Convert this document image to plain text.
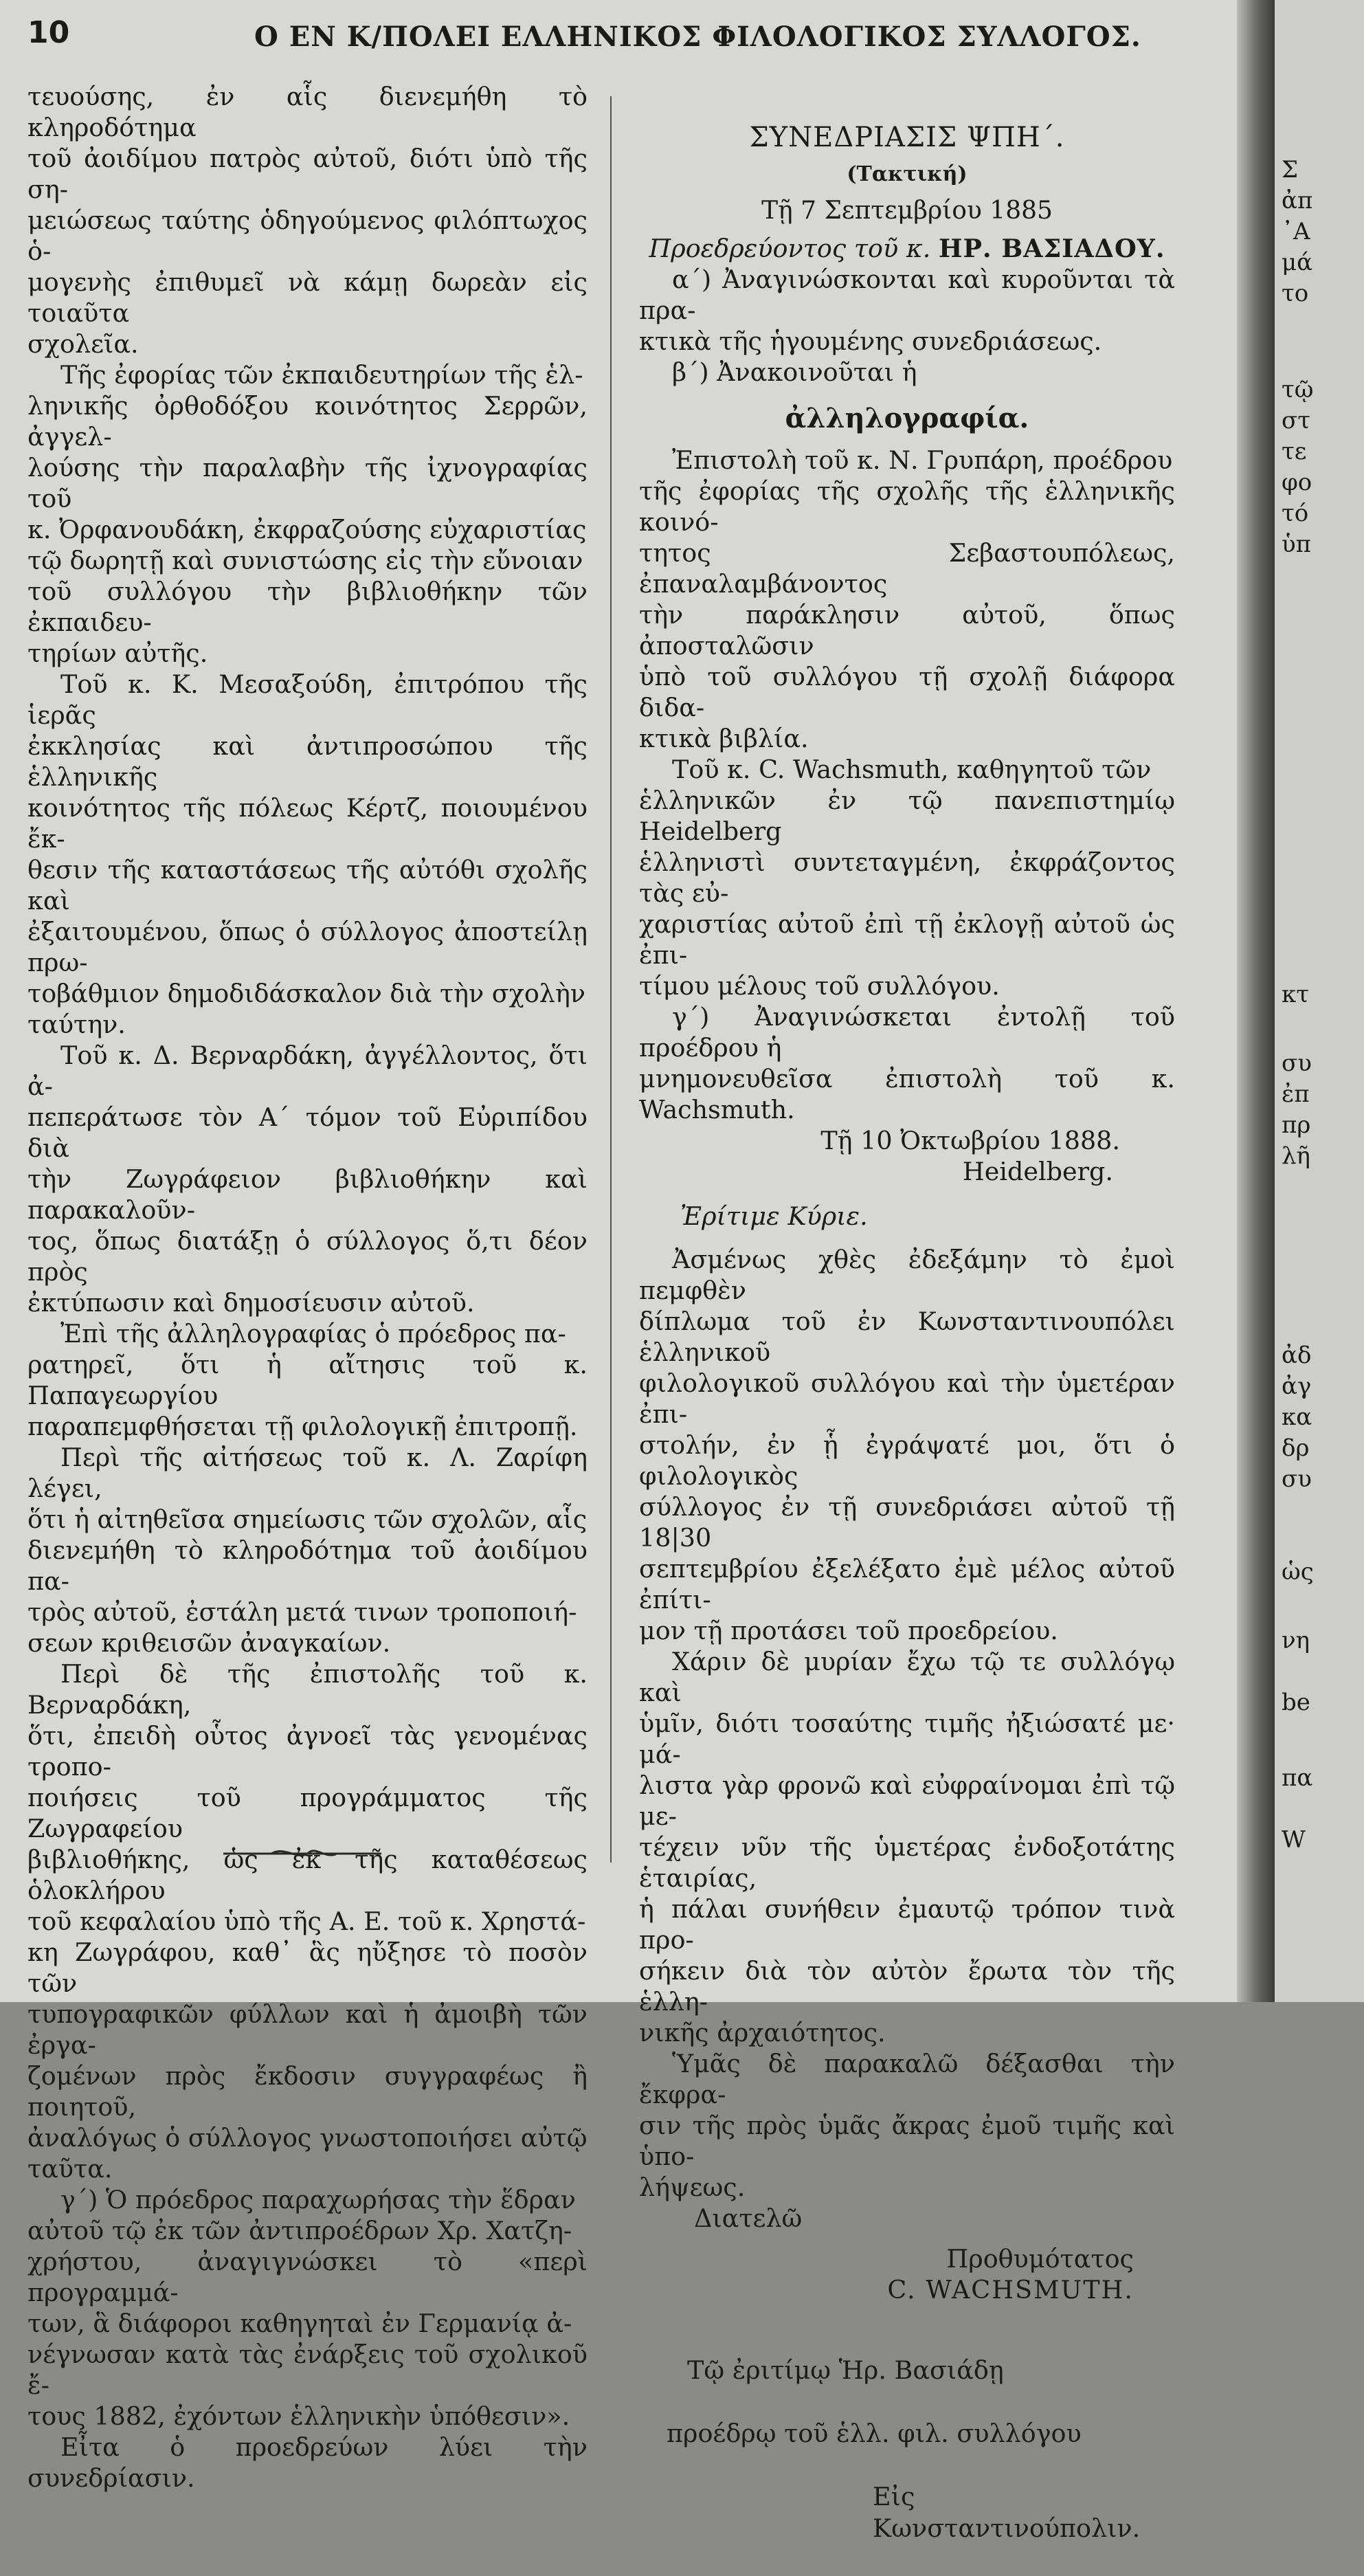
10	Ο ΕΝ Κ/ΠΟΛΕΙ ΕΛΛΗΝΙΚΟΣ ΦΙΛΟΛΟΓΙΚΟΣ ΣΥΛΛΟΓΟΣ.

τευούσης, ἐν αἷς διενεμήθη τὸ κληροδότημα
τοῦ ἀοιδίμου πατρὸς αὐτοῦ, διότι ὑπὸ τῆς ση-
μειώσεως ταύτης ὁδηγούμενος φιλόπτωχος ὁ-
μογενὴς ἐπιθυμεῖ νὰ κάμῃ δωρεὰν εἰς τοιαῦτα
σχολεῖα.

Τῆς ἐφορίας τῶν ἐκπαιδευτηρίων τῆς ἑλ-
ληνικῆς ὀρθοδόξου κοινότητος Σερρῶν, ἀγγελ-
λούσης τὴν παραλαβὴν τῆς ἰχνογραφίας τοῦ
κ. Ὀρφανουδάκη, ἐκφραζούσης εὐχαριστίας
τῷ δωρητῇ καὶ συνιστώσης εἰς τὴν εὔνοιαν
τοῦ συλλόγου τὴν βιβλιοθήκην τῶν ἐκπαιδευ-
τηρίων αὐτῆς.

Τοῦ κ. Κ. Μεσαξούδη, ἐπιτρόπου τῆς ἱερᾶς
ἐκκλησίας καὶ ἀντιπροσώπου τῆς ἑλληνικῆς
κοινότητος τῆς πόλεως Κέρτζ, ποιουμένου ἔκ-
θεσιν τῆς καταστάσεως τῆς αὐτόθι σχολῆς καὶ
ἐξαιτουμένου, ὅπως ὁ σύλλογος ἀποστείλῃ πρω-
τοβάθμιον δημοδιδάσκαλον διὰ τὴν σχολὴν
ταύτην.

Τοῦ κ. Δ. Βερναρδάκη, ἀγγέλλοντος, ὅτι ἀ-
πεπεράτωσε τὸν Α΄ τόμον τοῦ Εὐριπίδου διὰ
τὴν Ζωγράφειον βιβλιοθήκην καὶ παρακαλοῦν-
τος, ὅπως διατάξῃ ὁ σύλλογος ὅ,τι δέον πρὸς
ἐκτύπωσιν καὶ δημοσίευσιν αὐτοῦ.

Ἐπὶ τῆς ἀλληλογραφίας ὁ πρόεδρος πα-
ρατηρεῖ, ὅτι ἡ αἴτησις τοῦ κ. Παπαγεωργίου
παραπεμφθήσεται τῇ φιλολογικῇ ἐπιτροπῇ.

Περὶ τῆς αἰτήσεως τοῦ κ. Λ. Ζαρίφη λέγει,
ὅτι ἡ αἰτηθεῖσα σημείωσις τῶν σχολῶν, αἷς
διενεμήθη τὸ κληροδότημα τοῦ ἀοιδίμου πα-
τρὸς αὐτοῦ, ἐστάλη μετά τινων τροποποιή-
σεων κριθεισῶν ἀναγκαίων.

Περὶ δὲ τῆς ἐπιστολῆς τοῦ κ. Βερναρδάκη,
ὅτι, ἐπειδὴ οὗτος ἀγνοεῖ τὰς γενομένας τροπο-
ποιήσεις τοῦ προγράμματος τῆς Ζωγραφείου
βιβλιοθήκης, ὡς ἐκ τῆς καταθέσεως ὁλοκλήρου
τοῦ κεφαλαίου ὑπὸ τῆς Α. Ε. τοῦ κ. Χρηστά-
κη Ζωγράφου, καθ᾽ ἃς ηὔξησε τὸ ποσὸν τῶν
τυπογραφικῶν φύλλων καὶ ἡ ἀμοιβὴ τῶν ἐργα-
ζομένων πρὸς ἔκδοσιν συγγραφέως ἢ ποιητοῦ,
ἀναλόγως ὁ σύλλογος γνωστοποιήσει αὐτῷ
ταῦτα.

γ΄) Ὁ πρόεδρος παραχωρήσας τὴν ἕδραν
αὐτοῦ τῷ ἐκ τῶν ἀντιπροέδρων Χρ. Χατζη-
χρήστου, ἀναγιγνώσκει τὸ «περὶ προγραμμά-
των, ἃ διάφοροι καθηγηταὶ ἐν Γερμανίᾳ ἀ-
νέγνωσαν κατὰ τὰς ἐνάρξεις τοῦ σχολικοῦ ἔ-
τους 1882, ἐχόντων ἑλληνικὴν ὑπόθεσιν».

Εἶτα ὁ προεδρεύων λύει τὴν συνεδρίασιν.

ΣΥΝΕΔΡΙΑΣΙΣ ΨΠΗ΄.
(Τακτική)
Τῇ 7 Σεπτεμβρίου 1885
Προεδρεύοντος τοῦ κ. ΗΡ. ΒΑΣΙΑΔΟΥ.

α΄) Ἀναγινώσκονται καὶ κυροῦνται τὰ πρα-
κτικὰ τῆς ἡγουμένης συνεδριάσεως.

β΄) Ἀνακοινοῦται ἡ

ἀλληλογραφία.

Ἐπιστολὴ τοῦ κ. Ν. Γρυπάρη, προέδρου
τῆς ἐφορίας τῆς σχολῆς τῆς ἑλληνικῆς κοινό-
τητος Σεβαστουπόλεως, ἐπαναλαμβάνοντος
τὴν παράκλησιν αὐτοῦ, ὅπως ἀποσταλῶσιν
ὑπὸ τοῦ συλλόγου τῇ σχολῇ διάφορα διδα-
κτικὰ βιβλία.

Τοῦ κ. C. Wachsmuth, καθηγητοῦ τῶν
ἑλληνικῶν ἐν τῷ πανεπιστημίῳ Heidelberg
ἑλληνιστὶ συντεταγμένη, ἐκφράζοντος τὰς εὐ-
χαριστίας αὐτοῦ ἐπὶ τῇ ἐκλογῇ αὐτοῦ ὡς ἐπι-
τίμου μέλους τοῦ συλλόγου.

γ΄) Ἀναγινώσκεται ἐντολῇ τοῦ προέδρου ἡ
μνημονευθεῖσα ἐπιστολὴ τοῦ κ. Wachsmuth.

Τῇ 10 Ὀκτωβρίου 1888.
Heidelberg.
Ἐρίτιμε Κύριε.

Ἀσμένως χθὲς ἐδεξάμην τὸ ἐμοὶ πεμφθὲν
δίπλωμα τοῦ ἐν Κωνσταντινουπόλει ἑλληνικοῦ
φιλολογικοῦ συλλόγου καὶ τὴν ὑμετέραν ἐπι-
στολήν, ἐν ᾗ ἐγράψατέ μοι, ὅτι ὁ φιλολογικὸς
σύλλογος ἐν τῇ συνεδριάσει αὐτοῦ τῇ 18|30
σεπτεμβρίου ἐξελέξατο ἐμὲ μέλος αὐτοῦ ἐπίτι-
μον τῇ προτάσει τοῦ προεδρείου.

Χάριν δὲ μυρίαν ἔχω τῷ τε συλλόγῳ καὶ
ὑμῖν, διότι τοσαύτης τιμῆς ἠξιώσατέ με· μά-
λιστα γὰρ φρονῶ καὶ εὐφραίνομαι ἐπὶ τῷ με-
τέχειν νῦν τῆς ὑμετέρας ἐνδοξοτάτης ἑταιρίας,
ἡ πάλαι συνήθειν ἐμαυτῷ τρόπον τινὰ προ-
σήκειν διὰ τὸν αὐτὸν ἔρωτα τὸν τῆς ἑλλη-
νικῆς ἀρχαιότητος.

Ὑμᾶς δὲ παρακαλῶ δέξασθαι τὴν ἔκφρα-
σιν τῆς πρὸς ὑμᾶς ἄκρας ἐμοῦ τιμῆς καὶ ὑπο-
λήψεως.

Διατελῶ
Προθυμότατος
C. WACHSMUTH.

Τῷ ἐριτίμῳ Ἡρ. Βασιάδῃ

προέδρῳ τοῦ ἑλλ. φιλ. συλλόγου

Εἰς Κωνσταντινούπολιν.

Σ
ἀπ
᾽Α
μά
το
τῷ
στ
τε
φο
τό
ὑπ
κτ
συ
ἐπ
πρ
λῆ
ἀδ
ἀγ
κα
δρ
συ
ὡς
νη
be
πα
W
